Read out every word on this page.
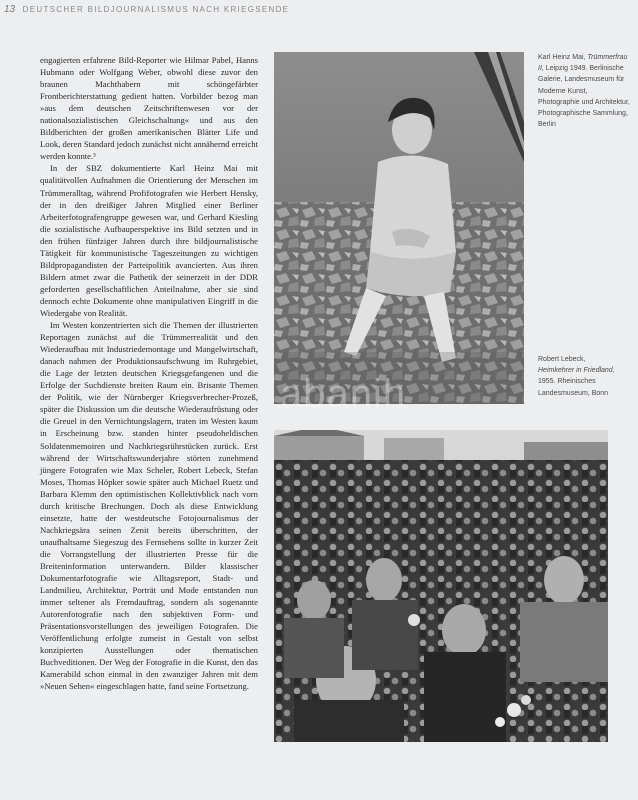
13 DEUTSCHER BILDJOURNALISMUS NACH KRIEGSENDE

engagierten erfahrene Bild-Reporter wie Hilmar Pabel, Hanns Hubmann oder Wolfgang Weber, obwohl diese zuvor den braunen Machthabern mit schöngefärbter Frontberichterstattung gedient hatten. Vorbilder bezog man »aus dem deutschen Zeitschriftenwesen vor der nationalsozialistischen Gleichschaltung« und aus den Bildberichten der großen amerikanischen Blätter Life und Look, deren Standard jedoch zunächst nicht annähernd erreicht werden konnte.³

In der SBZ dokumentierte Karl Heinz Mai mit qualitätvollen Aufnahmen die Orientierung der Menschen im Trümmeralltag, während Profifotografen wie Herbert Hensky, der in den dreißiger Jahren Mitglied einer Berliner Arbeiterfotografengruppe gewesen war, und Gerhard Kiesling die sozialistische Aufbauperspektive ins Bild setzten und in den frühen fünfziger Jahren durch ihre bildjournalistische Tätigkeit für kommunistische Tageszeitungen zu wichtigen Bildpropagandisten der Parteipolitik avancierten. Aus ihren Bildern atmet zwar die Pathetik der seinerzeit in der DDR geforderten gesellschaftlichen Anteilnahme, aber sie sind dennoch echte Dokumente ohne manipulativen Eingriff in die Wiedergabe von Realität.

Im Westen konzentrierten sich die Themen der illustrierten Reportagen zunächst auf die Trümmerrealität und den Wiederaufbau mit Industriedemontage und Mangelwirtschaft, danach nahmen der Produktionsaufschwung im Ruhrgebiet, die Lage der letzten deutschen Kriegsgefangenen und die Erfolge der Suchdienste breiten Raum ein. Brisante Themen der Politik, wie der Nürnberger Kriegsverbrecher-Prozeß, später die Diskussion um die deutsche Wiederaufrüstung oder die Greuel in den Vernichtungslagern, traten im Westen kaum in Erscheinung bzw. standen hinter pseudoheldischen Soldatenmemoiren und Nachkriegsrührstücken zurück. Erst während der Wirtschaftswunderjahre störten zunehmend jüngere Fotografen wie Max Scheler, Robert Lebeck, Stefan Moses, Thomas Höpker sowie später auch Michael Ruetz und Barbara Klemm den optimistischen Kollektivblick nach vorn durch kritische Brechungen. Doch als diese Entwicklung einsetzte, hatte der westdeutsche Fotojournalismus der Nachkriegsära seinen Zenit bereits überschritten, der unaufhaltsame Siegeszug des Fernsehens sollte in kurzer Zeit die Vorrangstellung der illustrierten Presse für die Breiteninformation unterwandern. Bilder klassischer Dokumentarfotografie wie Alltagsreport, Stadt- und Landmilieu, Architektur, Porträt und Mode entstanden nun immer seltener als Fremdauftrag, sondern als sogenannte Autorenfotografie nach den subjektiven Form- und Präsentationsvorstellungen des jeweiligen Fotografen. Die Veröffentlichung erfolgte zumeist in Gestalt von selbst konzipierten Ausstellungen oder thematischen Buchveditionen. Der Weg der Fotografie in die Kunst, den das Kamerabild schon einmal in den zwanziger Jahren mit dem »Neuen Sehen« eingeschlagen hatte, fand seine Fortsetzung.

Karl Heinz Mai, Trümmerfrau II, Leipzig 1949. Berlinische Galerie, Landesmuseum für Moderne Kunst, Photographie und Architektur, Photographische Sammlung, Berlin
Robert Lebeck,
Heimkehrer in Friedland,
1955. Rheinisches Landesmuseum, Bonn
abanih
